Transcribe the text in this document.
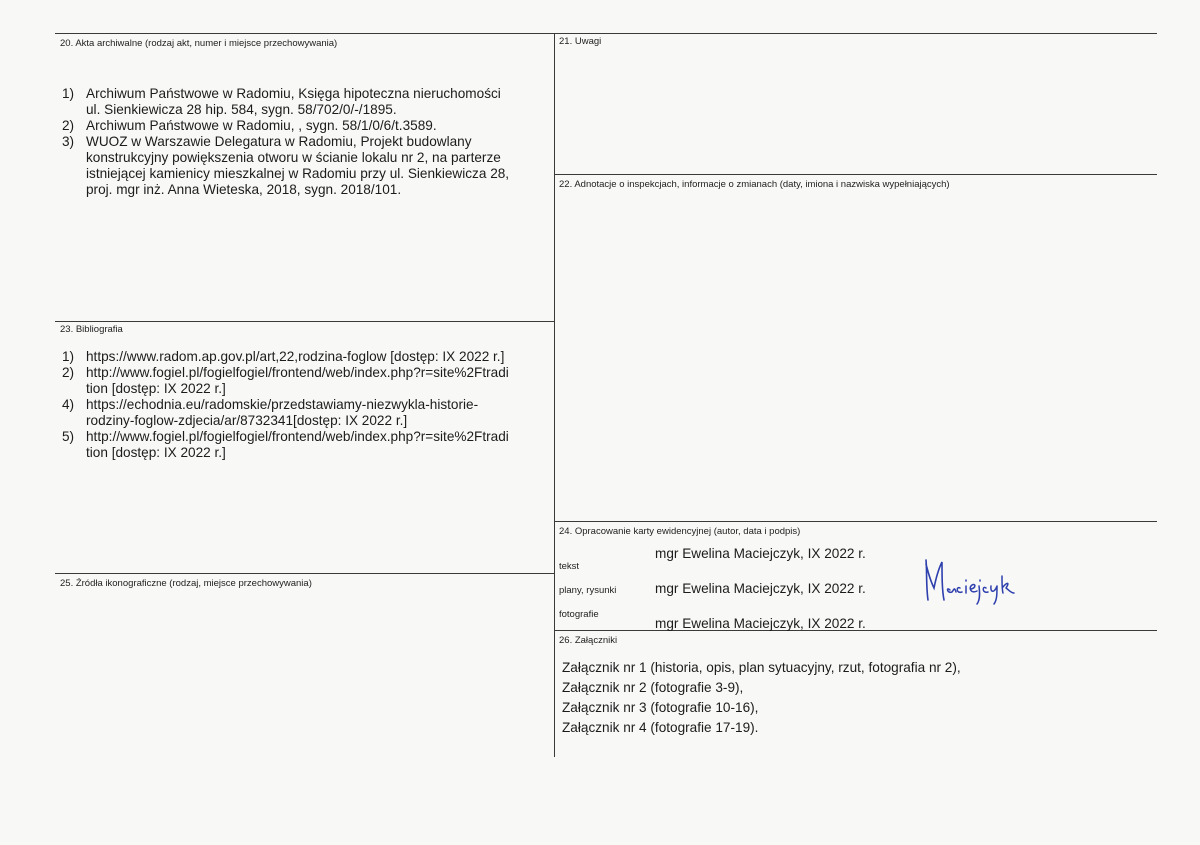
20. Akta archiwalne (rodzaj akt, numer i miejsce przechowywania)
1) Archiwum Państwowe w Radomiu, Księga hipoteczna nieruchomości
ul. Sienkiewicza 28 hip. 584, sygn. 58/702/0/-/1895.
2) Archiwum Państwowe w Radomiu, , sygn. 58/1/0/6/t.3589.
3) WUOZ w Warszawie Delegatura w Radomiu, Projekt budowlany
konstrukcyjny powiększenia otworu w ścianie lokalu nr 2, na parterze
istniejącej kamienicy mieszkalnej w Radomiu przy ul. Sienkiewicza 28,
proj. mgr inż. Anna Wieteska, 2018, sygn. 2018/101.
21. Uwagi
22. Adnotacje o inspekcjach, informacje o zmianach (daty, imiona i nazwiska wypełniających)
23. Bibliografia
1) https://www.radom.ap.gov.pl/art,22,rodzina-foglow [dostęp: IX 2022 r.]
2) http://www.fogiel.pl/fogielfogiel/frontend/web/index.php?r=site%2Ftradi
tion [dostęp: IX 2022 r.]
4) https://echodnia.eu/radomskie/przedstawiamy-niezwykla-historie-
rodziny-foglow-zdjecia/ar/8732341[dostęp: IX 2022 r.]
5) http://www.fogiel.pl/fogielfogiel/frontend/web/index.php?r=site%2Ftradi
tion [dostęp: IX 2022 r.]
24. Opracowanie karty ewidencyjnej (autor, data i podpis)
tekst
mgr Ewelina Maciejczyk, IX 2022 r.
plany, rysunki	mgr Ewelina Maciejczyk, IX 2022 r.
fotografie
mgr Ewelina Maciejczyk, IX 2022 r.
25. Źródła ikonograficzne (rodzaj, miejsce przechowywania)
26. Załączniki
Załącznik nr 1 (historia, opis, plan sytuacyjny, rzut, fotografia nr 2),
Załącznik nr 2 (fotografie 3-9),
Załącznik nr 3 (fotografie 10-16),
Załącznik nr 4 (fotografie 17-19).
